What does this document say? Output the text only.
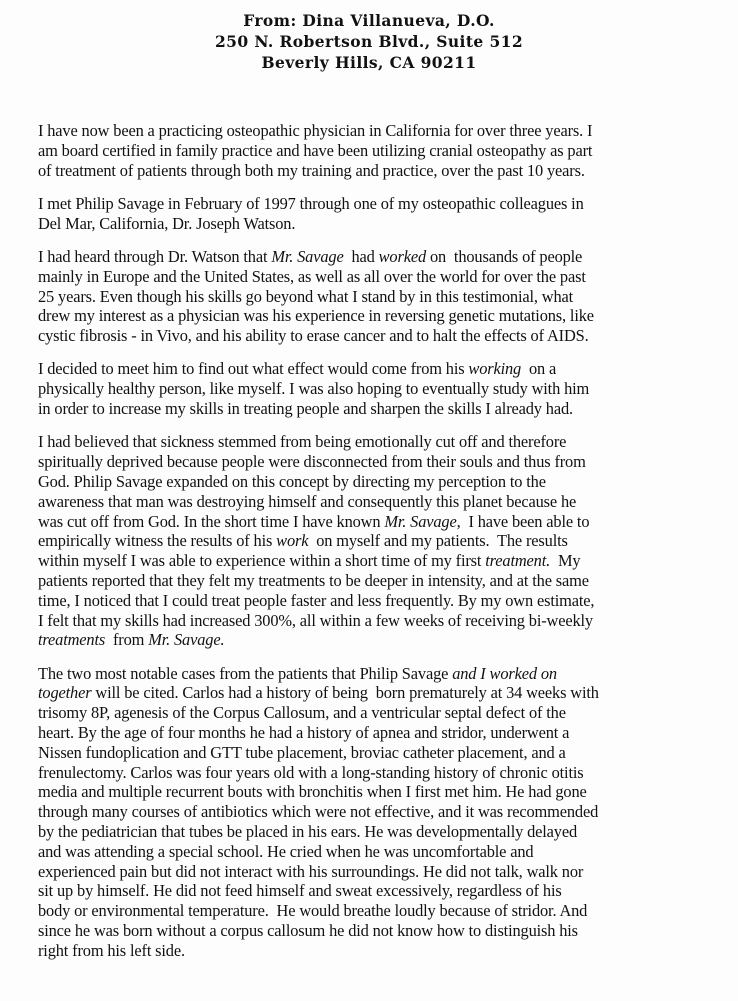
From: Dina Villanueva, D.O.
250 N. Robertson Blvd., Suite 512
Beverly Hills, CA 90211
I have now been a practicing osteopathic physician in California for over three years. I
am board certified in family practice and have been utilizing cranial osteopathy as part
of treatment of patients through both my training and practice, over the past 10 years.
I met Philip Savage in February of 1997 through one of my osteopathic colleagues in
Del Mar, California, Dr. Joseph Watson.
I had heard through Dr. Watson that Mr. Savage  had worked on  thousands of people
mainly in Europe and the United States, as well as all over the world for over the past
25 years. Even though his skills go beyond what I stand by in this testimonial, what
drew my interest as a physician was his experience in reversing genetic mutations, like
cystic fibrosis - in Vivo, and his ability to erase cancer and to halt the effects of AIDS.
I decided to meet him to find out what effect would come from his working  on a
physically healthy person, like myself. I was also hoping to eventually study with him
in order to increase my skills in treating people and sharpen the skills I already had.
I had believed that sickness stemmed from being emotionally cut off and therefore
spiritually deprived because people were disconnected from their souls and thus from
God. Philip Savage expanded on this concept by directing my perception to the
awareness that man was destroying himself and consequently this planet because he
was cut off from God. In the short time I have known Mr. Savage,  I have been able to
empirically witness the results of his work  on myself and my patients.  The results
within myself I was able to experience within a short time of my first treatment.  My
patients reported that they felt my treatments to be deeper in intensity, and at the same
time, I noticed that I could treat people faster and less frequently. By my own estimate,
I felt that my skills had increased 300%, all within a few weeks of receiving bi-weekly
treatments  from Mr. Savage.
The two most notable cases from the patients that Philip Savage and I worked on
together will be cited. Carlos had a history of being  born prematurely at 34 weeks with
trisomy 8P, agenesis of the Corpus Callosum, and a ventricular septal defect of the
heart. By the age of four months he had a history of apnea and stridor, underwent a
Nissen fundoplication and GTT tube placement, broviac catheter placement, and a
frenulectomy. Carlos was four years old with a long-standing history of chronic otitis
media and multiple recurrent bouts with bronchitis when I first met him. He had gone
through many courses of antibiotics which were not effective, and it was recommended
by the pediatrician that tubes be placed in his ears. He was developmentally delayed
and was attending a special school. He cried when he was uncomfortable and
experienced pain but did not interact with his surroundings. He did not talk, walk nor
sit up by himself. He did not feed himself and sweat excessively, regardless of his
body or environmental temperature.  He would breathe loudly because of stridor. And
since he was born without a corpus callosum he did not know how to distinguish his
right from his left side.
